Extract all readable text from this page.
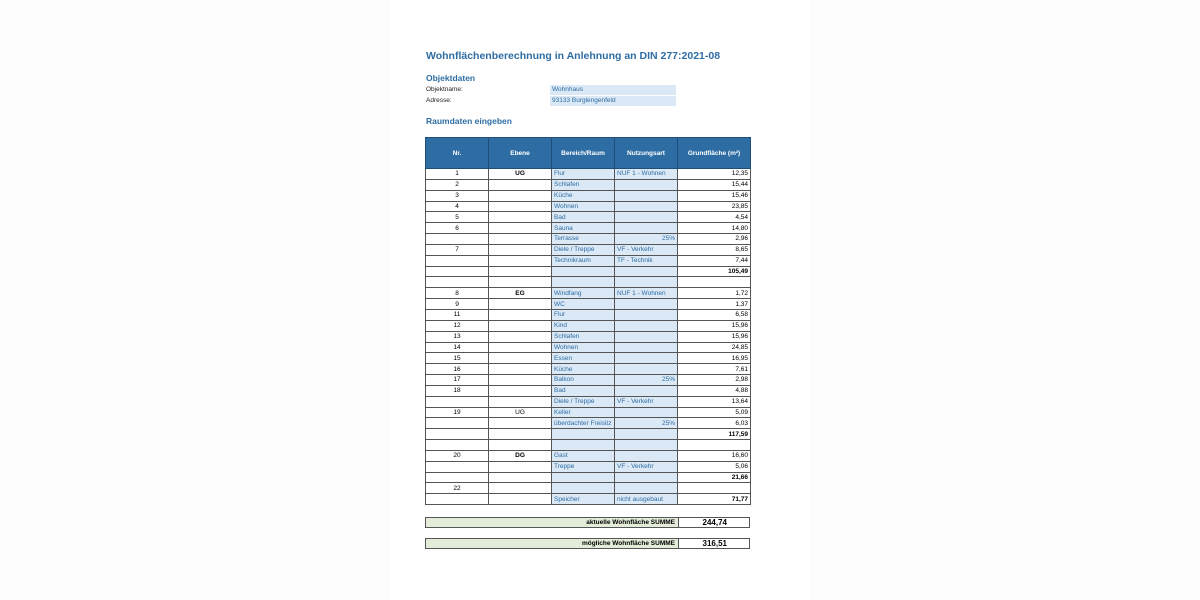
Wohnflächenberechnung in Anlehnung an DIN 277:2021-08
Objektdaten
Objektname:	Wohnhaus
Adresse:	93133 Burglengenfeld
Raumdaten eingeben
Nr.	Ebene	Bereich/Raum	Nutzungsart	Grundfläche (m²)
1	UG	Flur	NUF 1 - Wohnen	12,35
2		Schlafen		15,44
3		Küche		15,46
4		Wohnen		23,85
5		Bad		4,54
6		Sauna		14,80
		Terrasse	25%	2,96
7		Diele / Treppe	VF - Verkehr	8,65
		Technikraum	TF - Technik	7,44
				105,49

8	EG	Windfang	NUF 1 - Wohnen	1,72
9		WC		1,37
11		Flur		6,58
12		Kind		15,96
13		Schlafen		15,96
14		Wohnen		24,85
15		Essen		16,95
16		Küche		7,61
17		Balkon	25%	2,98
18		Bad		4,88
		Diele / Treppe	VF - Verkehr	13,64
19	UG	Keller		5,09
		überdachter Freisitz	25%	6,03
				117,59

20	DG	Gast		16,60
		Treppe	VF - Verkehr	5,06
				21,66
22				
		Speicher	nicht ausgebaut	71,77
aktuelle Wohnfläche SUMME	244,74
mögliche Wohnfläche SUMME	316,51
